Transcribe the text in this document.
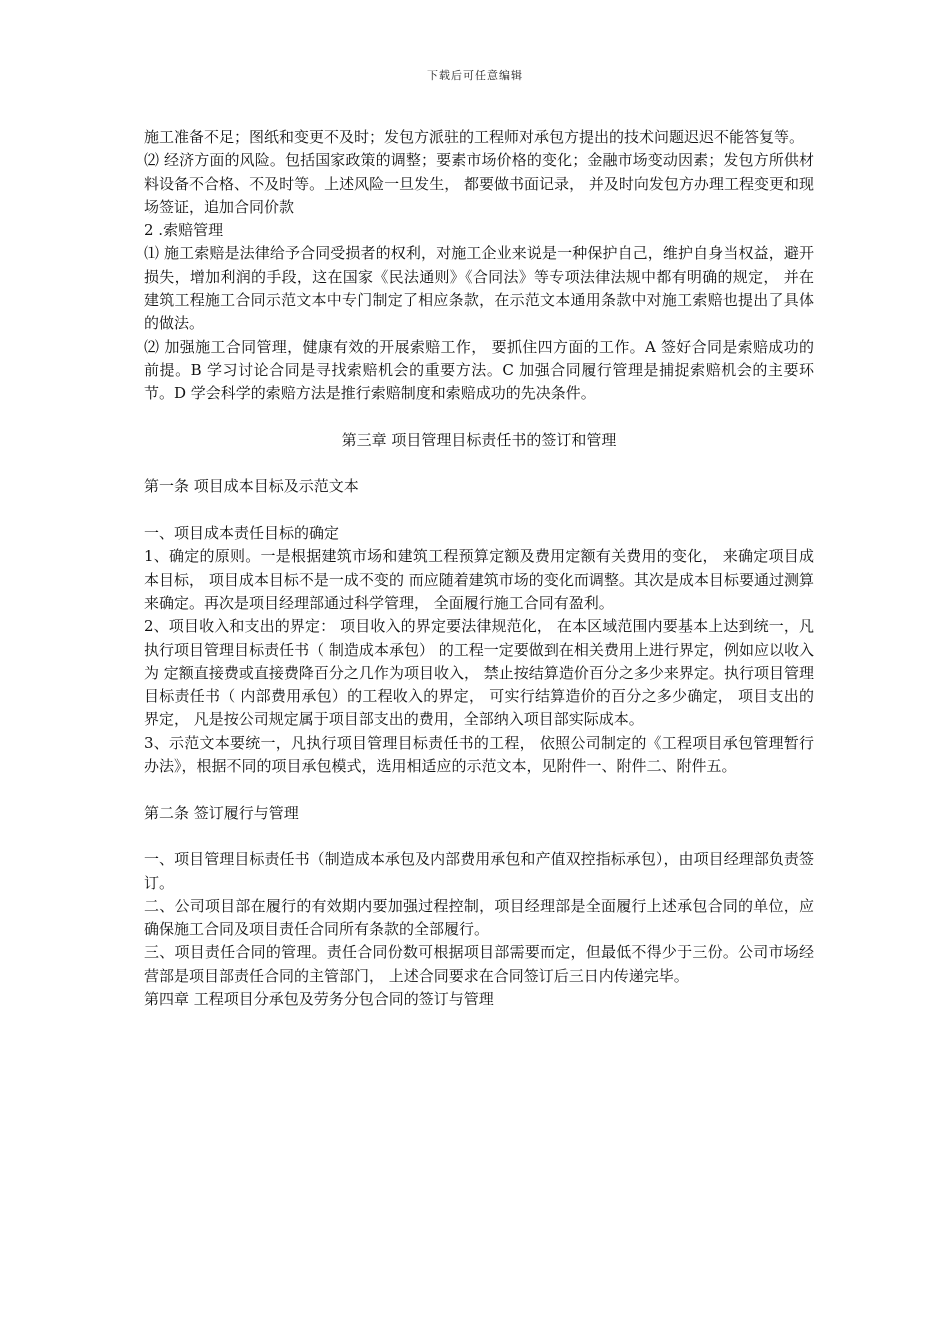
下载后可任意编辑

施工准备不足；图纸和变更不及时；发包方派驻的工程师对承包方提出的技术问题迟迟不能答复等。

⑵ 经济方面的风险。包括国家政策的调整；要素市场价格的变化；金融市场变动因素；发包方所供材料设备不合格、不及时等。上述风险一旦发生， 都要做书面记录， 并及时向发包方办理工程变更和现场签证，追加合同价款

2 .索赔管理

⑴ 施工索赔是法律给予合同受损者的权利，对施工企业来说是一种保护自己，维护自身当权益，避开损失，增加利润的手段，这在国家《民法通则》《合同法》等专项法律法规中都有明确的规定， 并在建筑工程施工合同示范文本中专门制定了相应条款，在示范文本通用条款中对施工索赔也提出了具体的做法。

⑵ 加强施工合同管理，健康有效的开展索赔工作， 要抓住四方面的工作。A 签好合同是索赔成功的前提。B 学习讨论合同是寻找索赔机会的重要方法。C 加强合同履行管理是捕捉索赔机会的主要环节。D 学会科学的索赔方法是推行索赔制度和索赔成功的先决条件。

第三章 项目管理目标责任书的签订和管理

第一条 项目成本目标及示范文本

一、项目成本责任目标的确定

1、确定的原则。一是根据建筑市场和建筑工程预算定额及费用定额有关费用的变化， 来确定项目成本目标， 项目成本目标不是一成不变的 而应随着建筑市场的变化而调整。其次是成本目标要通过测算来确定。再次是项目经理部通过科学管理， 全面履行施工合同有盈利。

2、项目收入和支出的界定： 项目收入的界定要法律规范化， 在本区域范围内要基本上达到统一，凡执行项目管理目标责任书（ 制造成本承包） 的工程一定要做到在相关费用上进行界定，例如应以收入为 定额直接费或直接费降百分之几作为项目收入， 禁止按结算造价百分之多少来界定。执行项目管理目标责任书（ 内部费用承包）的工程收入的界定， 可实行结算造价的百分之多少确定， 项目支出的界定， 凡是按公司规定属于项目部支出的费用，全部纳入项目部实际成本。

3、示范文本要统一，凡执行项目管理目标责任书的工程， 依照公司制定的《工程项目承包管理暂行办法》，根据不同的项目承包模式，选用相适应的示范文本，见附件一、附件二、附件五。

第二条 签订履行与管理

一、项目管理目标责任书（制造成本承包及内部费用承包和产值双控指标承包），由项目经理部负责签订。

二、公司项目部在履行的有效期内要加强过程控制，项目经理部是全面履行上述承包合同的单位，应确保施工合同及项目责任合同所有条款的全部履行。

三、项目责任合同的管理。责任合同份数可根据项目部需要而定，但最低不得少于三份。公司市场经营部是项目部责任合同的主管部门， 上述合同要求在合同签订后三日内传递完毕。

第四章 工程项目分承包及劳务分包合同的签订与管理
